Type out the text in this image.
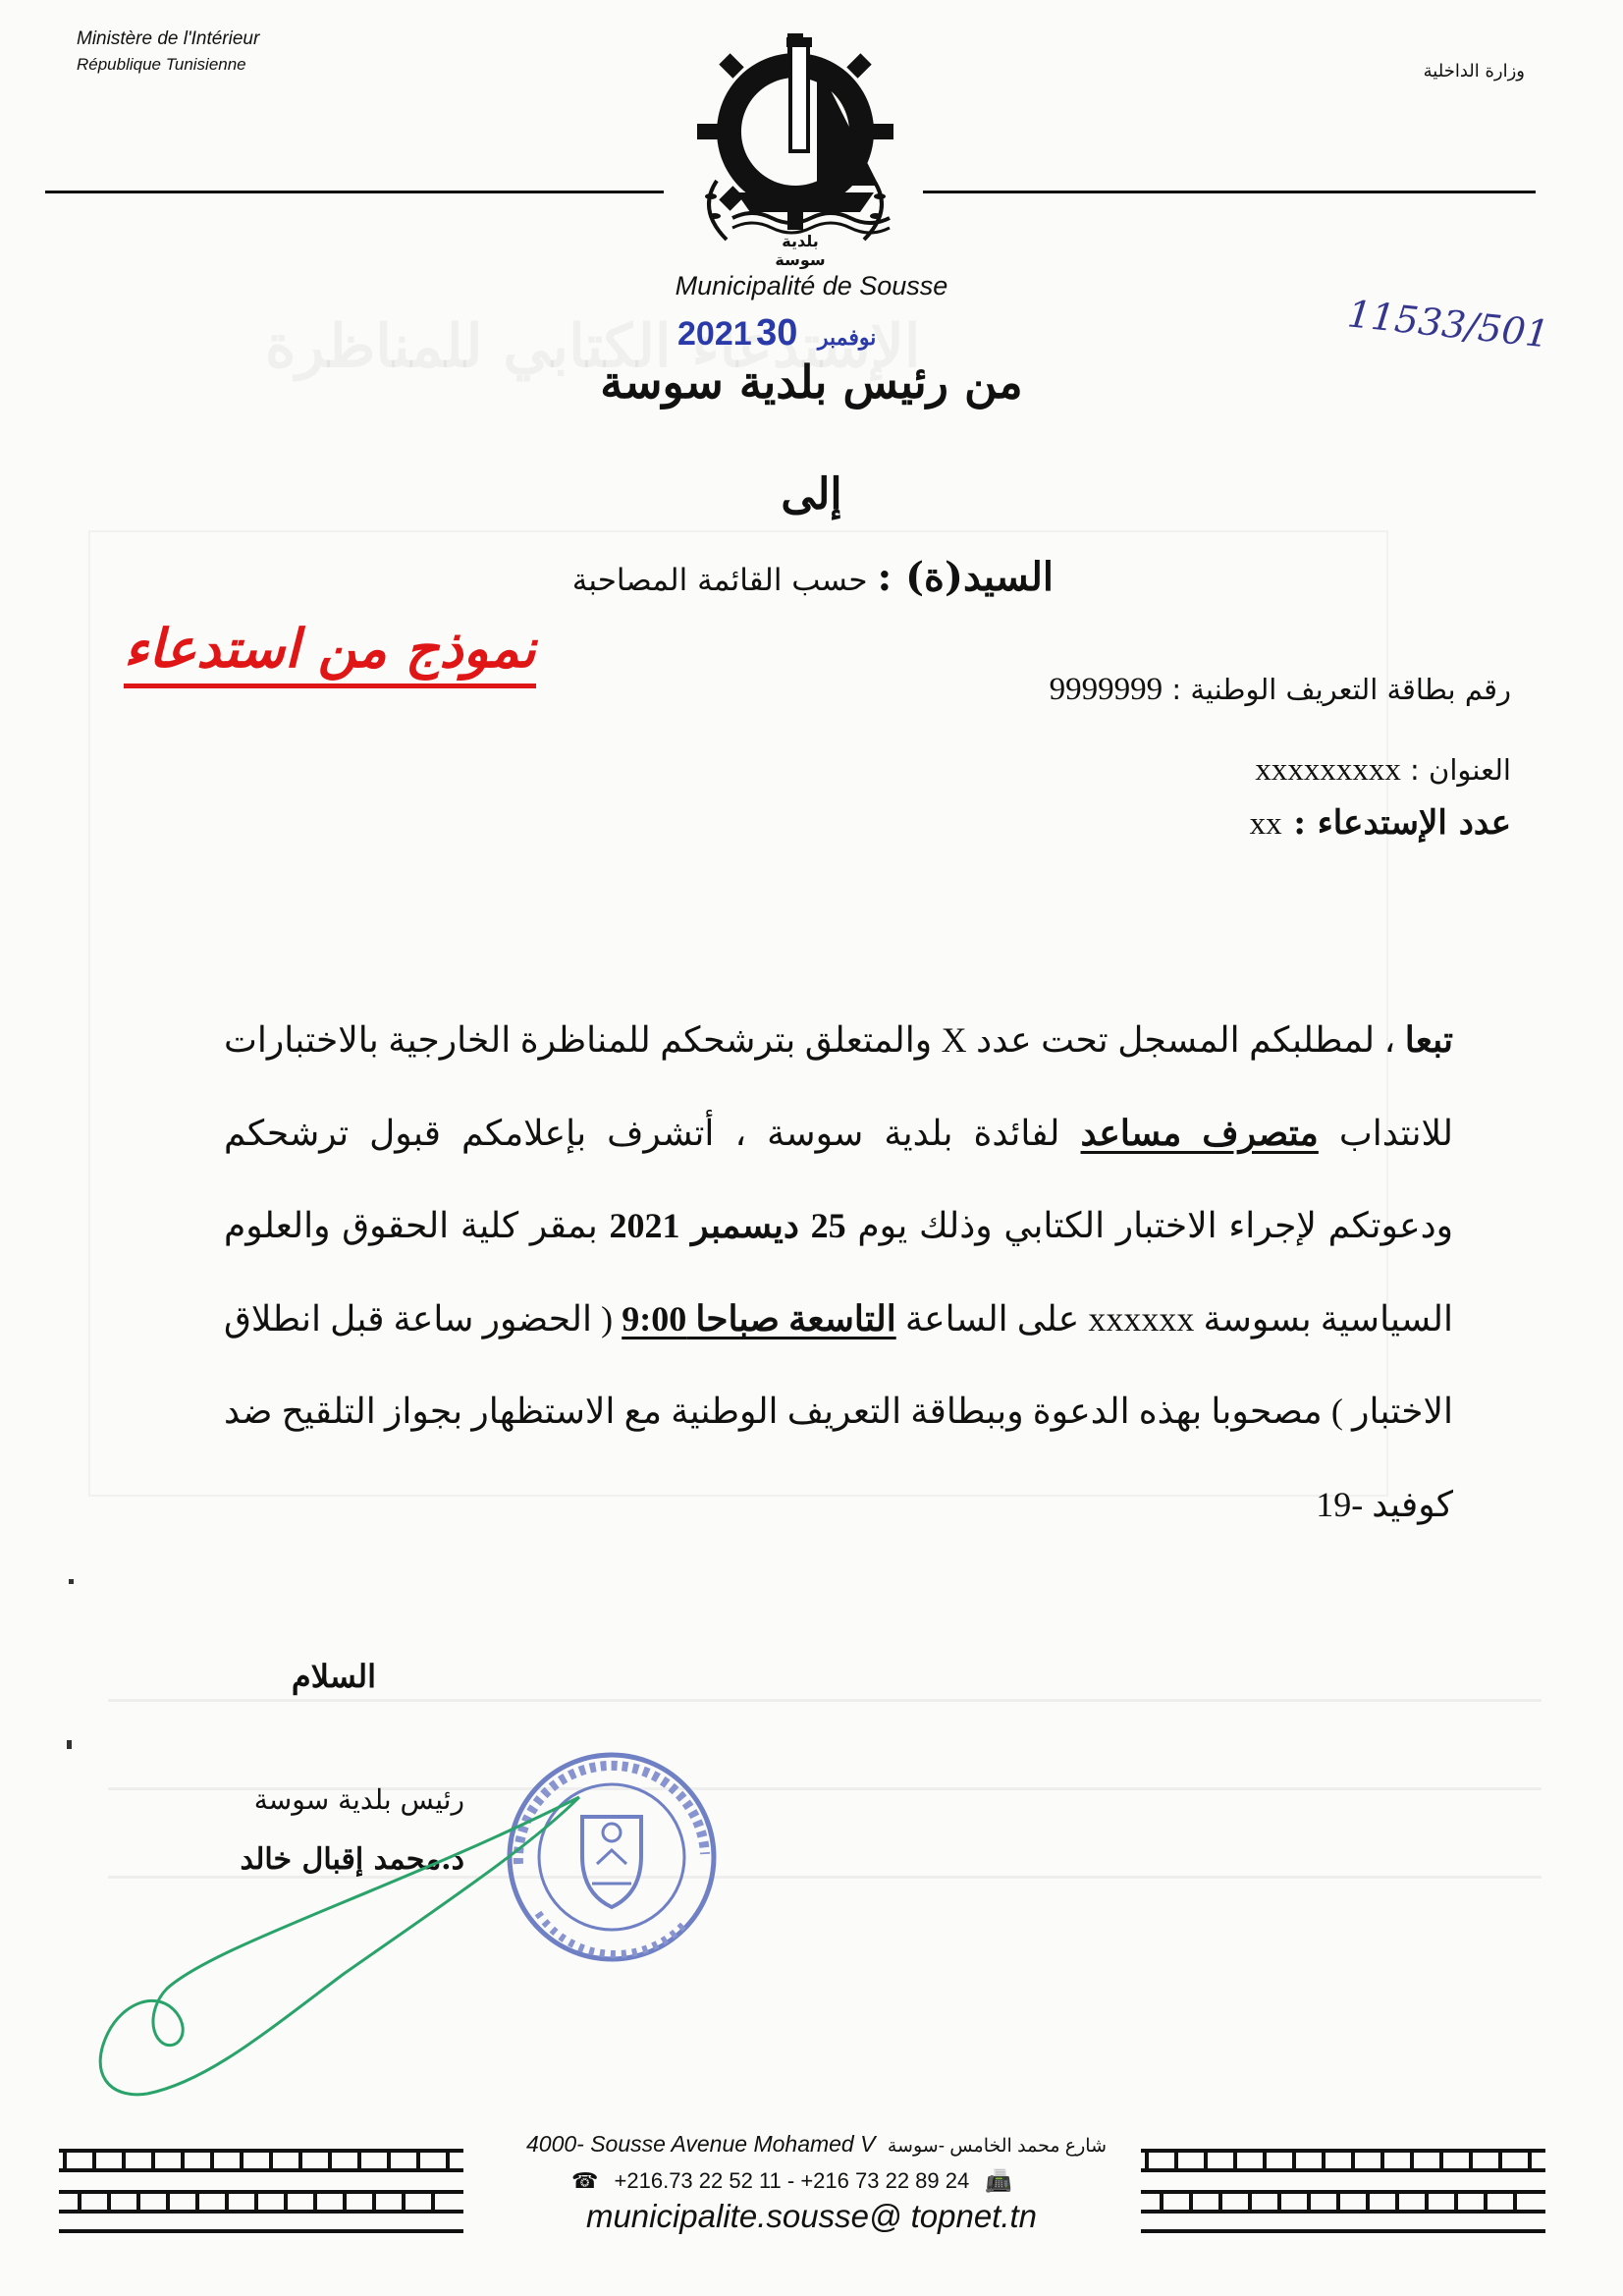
Ministère de l'Intérieur
République Tunisienne	وزارة الداخلية
بلدية سوسة
Municipalité de Sousse
2021	نوفمبر 30	11533/501
من رئيس بلدية سوسة
إلى
السيد(ة) : حسب القائمة المصاحبة
نموذج من استدعاء
رقم بطاقة التعريف الوطنية : 9999999
العنوان : xxxxxxxxx
عدد الإستدعاء : xx
تبعا ، لمطلبكم المسجل تحت عدد X والمتعلق بترشحكم للمناظرة الخارجية بالاختبارات للانتداب متصرف مساعد لفائدة بلدية سوسة ، أتشرف بإعلامكم قبول ترشحكم ودعوتكم لإجراء الاختبار الكتابي وذلك يوم 25 ديسمبر 2021 بمقر كلية الحقوق والعلوم السياسية بسوسة xxxxxx على الساعة التاسعة صباحا 9:00 ( الحضور ساعة قبل انطلاق الاختبار ) مصحوبا بهذه الدعوة وببطاقة التعريف الوطنية مع الاستظهار بجواز التلقيح ضد كوفيد -19
السلام
رئيس بلدية سوسة
د.محمد إقبال خالد
4000- Sousse Avenue Mohamed V شارع محمد الخامس -سوسة
☎ +216.73 22 52 11 - +216 73 22 89 24 📠
municipalite.sousse@ topnet.tn
